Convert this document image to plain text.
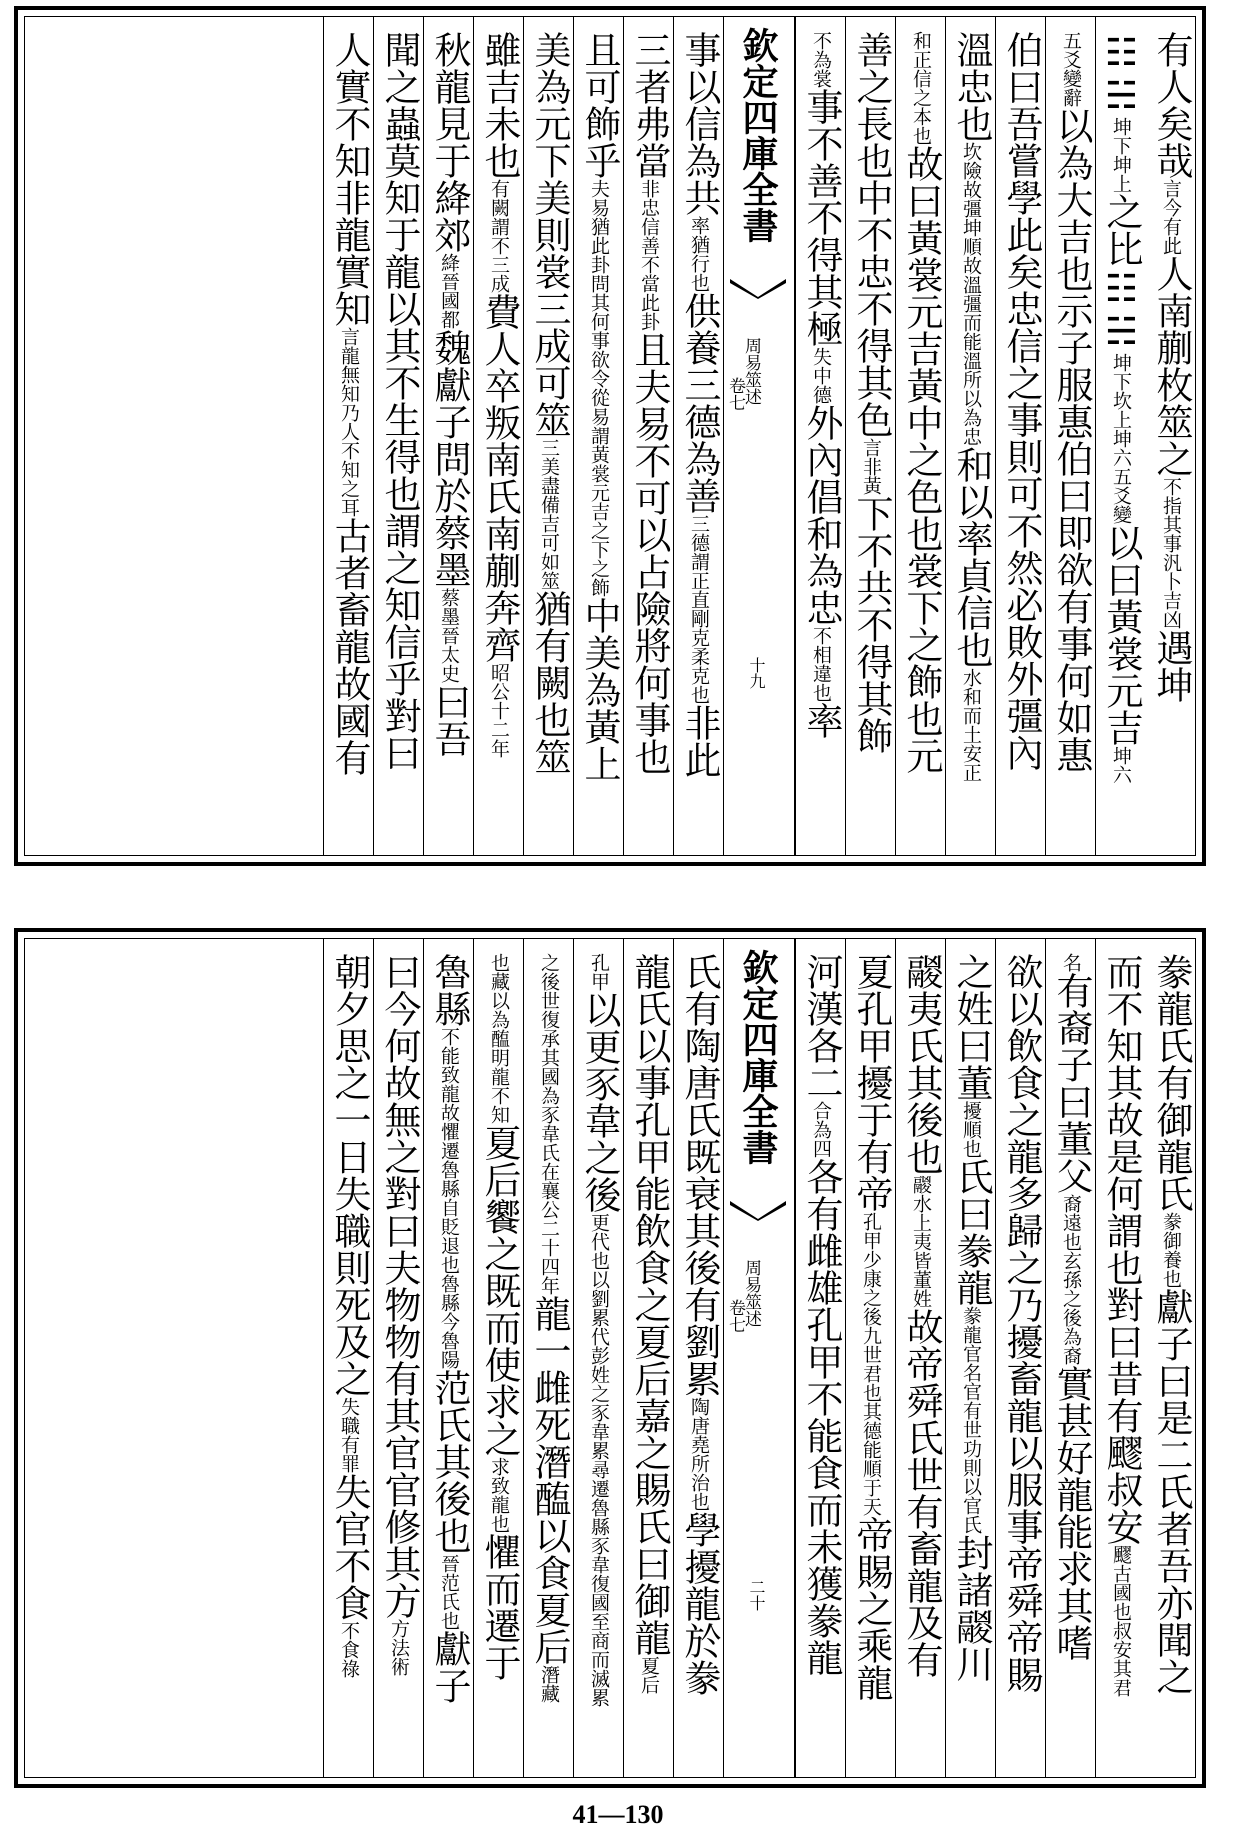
有人矣哉言今有此人南蒯枚筮之不指其事汎卜吉凶遇坤
☷☵坤下坤上之比☷☵坤下坎上坤六五爻變以曰黃裳元吉坤六
五爻變辭以為大吉也示子服惠伯曰即欲有事何如惠
伯曰吾嘗學此矣忠信之事則可不然必敗外彊內
溫忠也坎險故彊坤順故溫彊而能溫所以為忠和以率貞信也水和而土安正
和正信之本也故曰黃裳元吉黃中之色也裳下之飾也元
善之長也中不忠不得其色言非黃下不共不得其飾
不為裳事不善不得其極失中德外內倡和為忠不相違也率
欽定四庫全書
周易筮述
卷七
十九
事以信為共率猶行也供養三德為善三德謂正直剛克柔克也非此
三者弗當非忠信善不當此卦且夫易不可以占險將何事也
且可飾乎夫易猶此卦問其何事欲令從易謂黃裳元吉之下之飾中美為黃上
美為元下美則裳三成可筮三美盡備吉可如筮猶有闕也筮
雖吉未也有闕謂不三成費人卒叛南氏南蒯奔齊昭公十二年
秋龍見于絳郊絳晉國都魏獻子問於蔡墨蔡墨晉太史曰吾
聞之蟲莫知于龍以其不生得也謂之知信乎對曰
人實不知非龍實知言龍無知乃人不知之耳古者畜龍故國有
豢龍氏有御龍氏豢御養也獻子曰是二氏者吾亦聞之
而不知其故是何謂也對曰昔有飂叔安飂古國也叔安其君
名有裔子曰董父裔遠也玄孫之後為裔實甚好龍能求其嗜
欲以飲食之龍多歸之乃擾畜龍以服事帝舜帝賜
之姓曰董擾順也氏曰豢龍豢龍官名官有世功則以官氏封諸鬷川
鬷夷氏其後也鬷水上夷皆董姓故帝舜氏世有畜龍及有
夏孔甲擾于有帝孔甲少康之後九世君也其德能順于天帝賜之乘龍
河漢各二合為四各有雌雄孔甲不能食而未獲豢龍
欽定四庫全書
周易筮述
卷七
二十
氏有陶唐氏既衰其後有劉累陶唐堯所治也學擾龍於豢
龍氏以事孔甲能飲食之夏后嘉之賜氏曰御龍夏后
孔甲以更豕韋之後更代也以劉累代彭姓之豕韋累尋遷魯縣豕韋復國至商而滅累
之後世復承其國為豕韋氏在襄公二十四年龍一雌死潛醢以食夏后潛藏
也藏以為醢明龍不知夏后饗之既而使求之求致龍也懼而遷于
魯縣不能致龍故懼遷魯縣自貶退也魯縣今魯陽范氏其後也晉范氏也獻子
曰今何故無之對曰夫物物有其官官修其方方法術
朝夕思之一日失職則死及之失職有罪失官不食不食祿
41—130
